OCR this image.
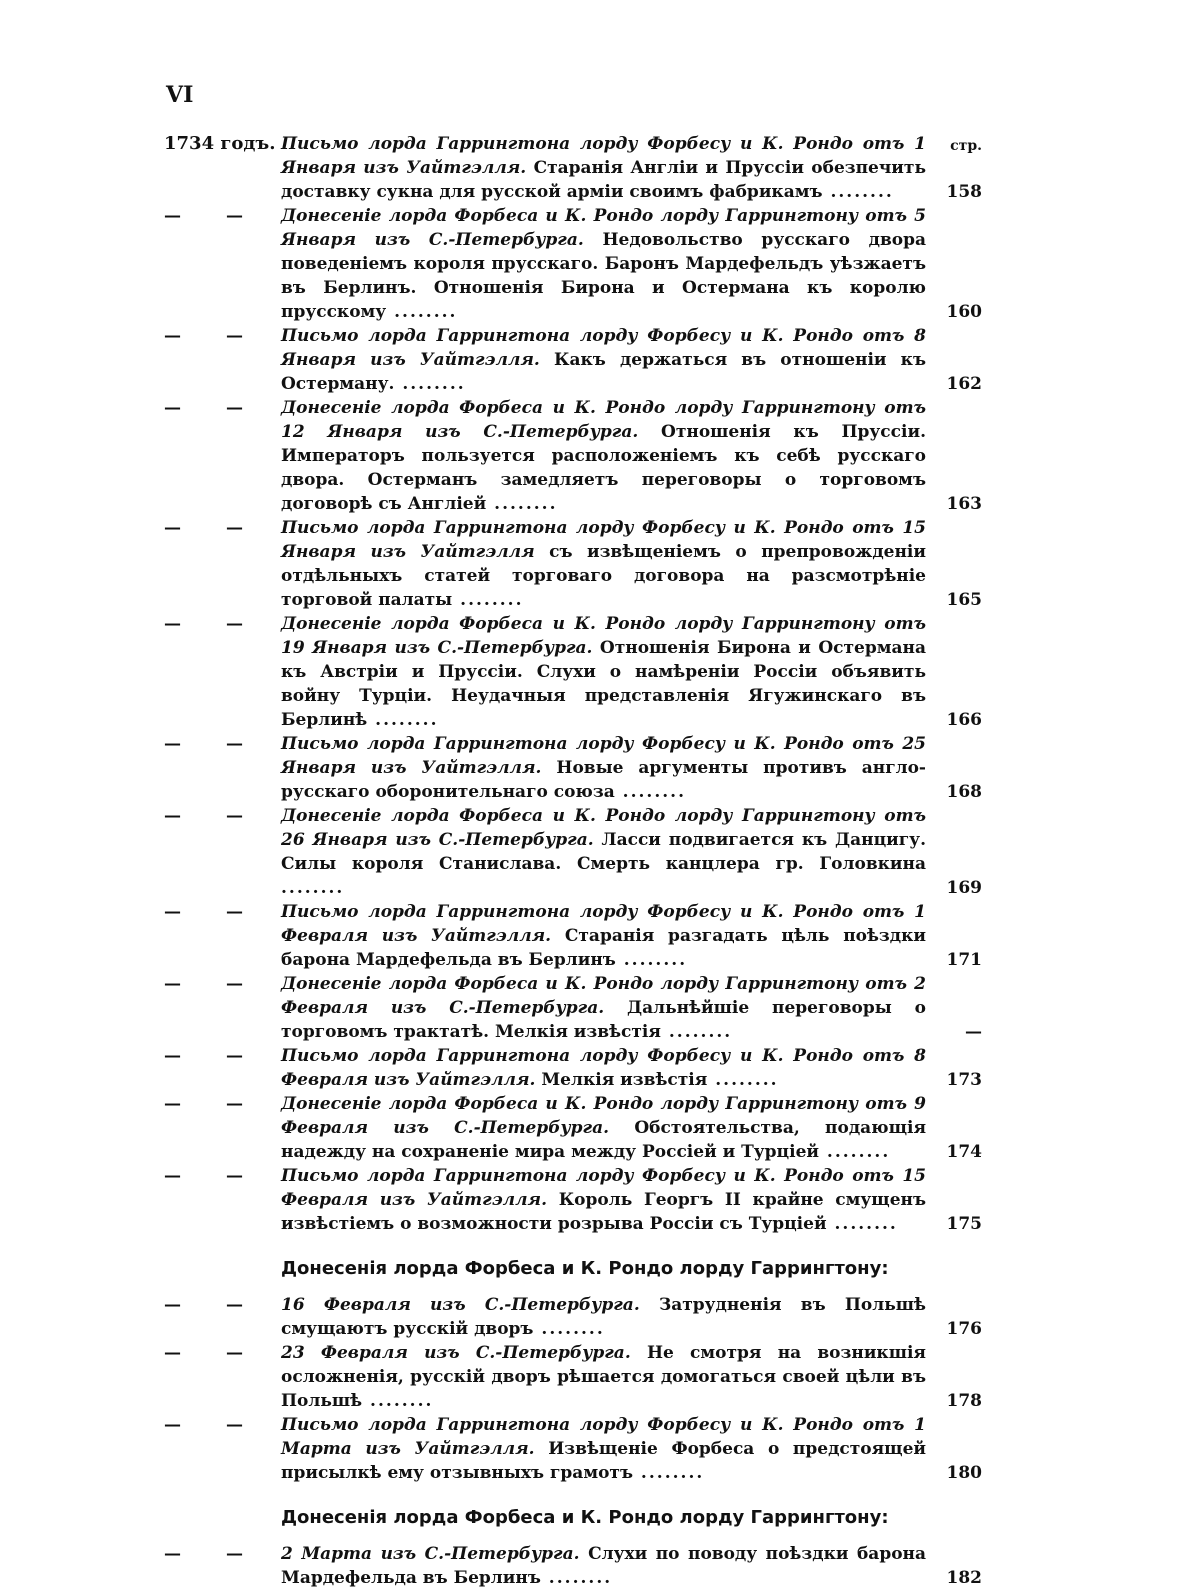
VI
стр.
1734 годъ. Письмо лорда Гаррингтона лорду Форбесу и К. Рондо отъ 1 Января изъ Уайтгэлля. Старанія Англіи и Пруссіи обезпечить доставку сукна для русской арміи своимъ фабрикамъ ........	158
—	—	Донесеніе лорда Форбеса и К. Рондо лорду Гаррингтону отъ 5 Января изъ С.-Петербурга. Недовольство русскаго двора поведеніемъ короля прусскаго. Баронъ Мардефельдъ уѣзжаетъ въ Берлинъ. Отношенія Бирона и Остермана къ королю прусскому ........	160
—	—	Письмо лорда Гаррингтона лорду Форбесу и К. Рондо отъ 8 Января изъ Уайтгэлля. Какъ держаться въ отношеніи къ Остерману. ........	162
—	—	Донесеніе лорда Форбеса и К. Рондо лорду Гаррингтону отъ 12 Января изъ С.-Петербурга. Отношенія къ Пруссіи. Императоръ пользуется расположеніемъ къ себѣ русскаго двора. Остерманъ замедляетъ переговоры о торговомъ договорѣ съ Англіей ........	163
—	—	Письмо лорда Гаррингтона лорду Форбесу и К. Рондо отъ 15 Января изъ Уайтгэлля съ извѣщеніемъ о препровожденіи отдѣльныхъ статей торговаго договора на разсмотрѣніе торговой палаты ........	165
—	—	Донесеніе лорда Форбеса и К. Рондо лорду Гаррингтону отъ 19 Января изъ С.-Петербурга. Отношенія Бирона и Остермана къ Австріи и Пруссіи. Слухи о намѣреніи Россіи объявить войну Турціи. Неудачныя представленія Ягужинскаго въ Берлинѣ ........	166
—	—	Письмо лорда Гаррингтона лорду Форбесу и К. Рондо отъ 25 Января изъ Уайтгэлля. Новые аргументы противъ англо-русскаго оборонительнаго союза ........	168
—	—	Донесеніе лорда Форбеса и К. Рондо лорду Гаррингтону отъ 26 Января изъ С.-Петербурга. Ласси подвигается къ Данцигу. Силы короля Станислава. Смерть канцлера гр. Головкина ........	169
—	—	Письмо лорда Гаррингтона лорду Форбесу и К. Рондо отъ 1 Февраля изъ Уайтгэлля. Старанія разгадать цѣль поѣздки барона Мардефельда въ Берлинъ ........	171
—	—	Донесеніе лорда Форбеса и К. Рондо лорду Гаррингтону отъ 2 Февраля изъ С.-Петербурга. Дальнѣйшіе переговоры о торговомъ трактатѣ. Мелкія извѣстія ........	—
—	—	Письмо лорда Гаррингтона лорду Форбесу и К. Рондо отъ 8 Февраля изъ Уайтгэлля. Мелкія извѣстія ........	173
—	—	Донесеніе лорда Форбеса и К. Рондо лорду Гаррингтону отъ 9 Февраля изъ С.-Петербурга. Обстоятельства, подающія надежду на сохраненіе мира между Россіей и Турціей ........	174
—	—	Письмо лорда Гаррингтона лорду Форбесу и К. Рондо отъ 15 Февраля изъ Уайтгэлля. Король Георгъ II крайне смущенъ извѣстіемъ о возможности розрыва Россіи съ Турціей ........	175
Донесенія лорда Форбеса и К. Рондо лорду Гаррингтону:
—	—	16 Февраля изъ С.-Петербурга. Затрудненія въ Польшѣ смущаютъ русскій дворъ ........	176
—	—	23 Февраля изъ С.-Петербурга. Не смотря на возникшія осложненія, русскій дворъ рѣшается домогаться своей цѣли въ Польшѣ ........	178
—	—	Письмо лорда Гаррингтона лорду Форбесу и К. Рондо отъ 1 Марта изъ Уайтгэлля. Извѣщеніе Форбеса о предстоящей присылкѣ ему отзывныхъ грамотъ ........	180
Донесенія лорда Форбеса и К. Рондо лорду Гаррингтону:
—	—	2 Марта изъ С.-Петербурга. Слухи по поводу поѣздки барона Мардефельда въ Берлинъ ........	182
